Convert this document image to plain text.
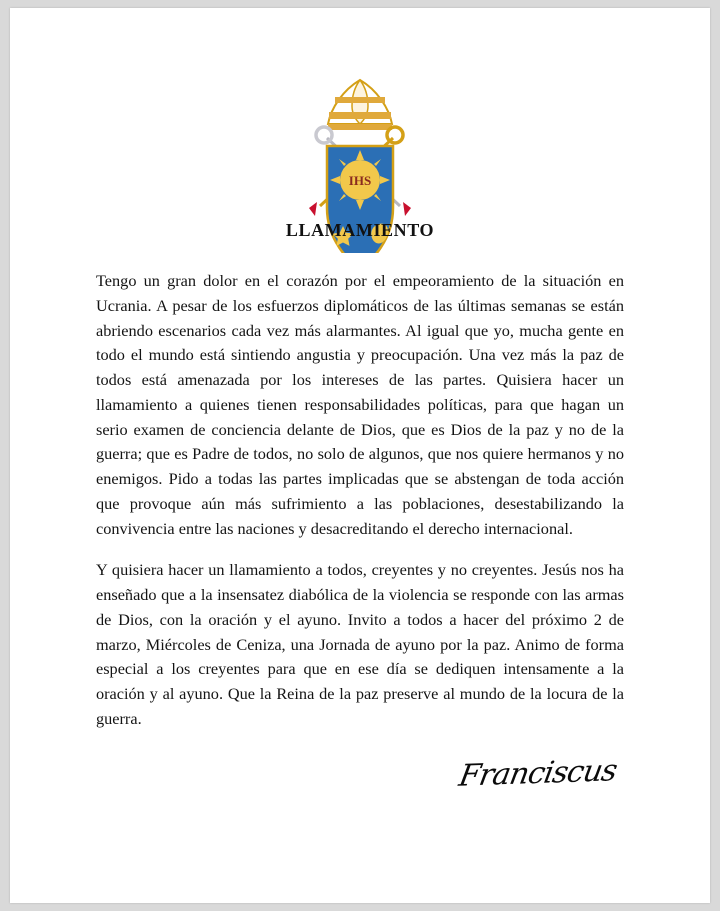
IHS
LLAMAMIENTO

Tengo un gran dolor en el corazón por el empeoramiento de la situación en Ucrania. A pesar de los esfuerzos diplomáticos de las últimas semanas se están abriendo escenarios cada vez más alarmantes. Al igual que yo, mucha gente en todo el mundo está sintiendo angustia y preocupación. Una vez más la paz de todos está amenazada por los intereses de las partes. Quisiera hacer un llamamiento a quienes tienen responsabilidades políticas, para que hagan un serio examen de conciencia delante de Dios, que es Dios de la paz y no de la guerra; que es Padre de todos, no solo de algunos, que nos quiere hermanos y no enemigos. Pido a todas las partes implicadas que se abstengan de toda acción que provoque aún más sufrimiento a las poblaciones, desestabilizando la convivencia entre las naciones y desacreditando el derecho internacional.

Y quisiera hacer un llamamiento a todos, creyentes y no creyentes. Jesús nos ha enseñado que a la insensatez diabólica de la violencia se responde con las armas de Dios, con la oración y el ayuno. Invito a todos a hacer del próximo 2 de marzo, Miércoles de Ceniza, una Jornada de ayuno por la paz. Animo de forma especial a los creyentes para que en ese día se dediquen intensamente a la oración y al ayuno. Que la Reina de la paz preserve al mundo de la locura de la guerra.

Franciscus
